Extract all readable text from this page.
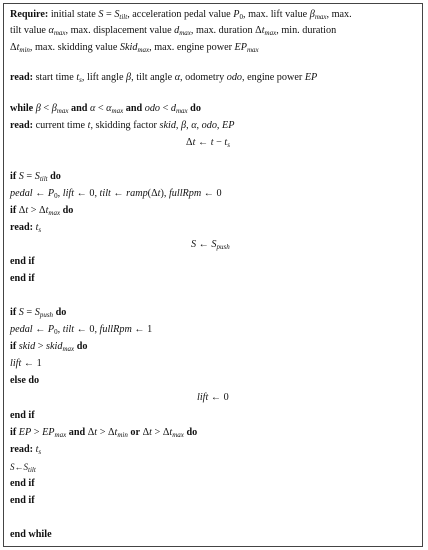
Require: initial state $S = S_{tilt}$, acceleration pedal value $P_0$, max. lift value $\beta_{max}$, max.
tilt value $\alpha_{max}$, max. displacement value $d_{max}$, max. duration $\Delta t_{max}$, min. duration
$\Delta t_{min}$, max. skidding value Skid$_{max}$, max. engine power $EP_{max}$
read: start time $t_s$, lift angle β, tilt angle α, odometry odo, engine power EP
while $\beta < \beta_{max}$ and $\alpha < \alpha_{max}$ and odo < $d_{max}$ do
read: current time t, skidding factor skid, β, α, odo, EP
Δt ← $t - t_s$
if $S = S_{tilt}$ do
pedal ← $P_0$, lift ← 0, tilt ← ramp(Δt), fullRpm ← 0
if $\Delta t > \Delta t_{max}$ do
read: $t_s$
S ← $S_{push}$
end if
end if
if $S = S_{push}$ do
pedal ← $P_0$, tilt ← 0, fullRpm ← 1
if skid > skid$_{max}$ do
lift ← 1
else do
lift ← 0
end if
if EP > $EP_{max}$ and $\Delta t > \Delta t_{min}$ or $\Delta t > \Delta t_{max}$ do
read: $t_s$
$S\leftarrow S_{tilt}$
end if
end if
end while
